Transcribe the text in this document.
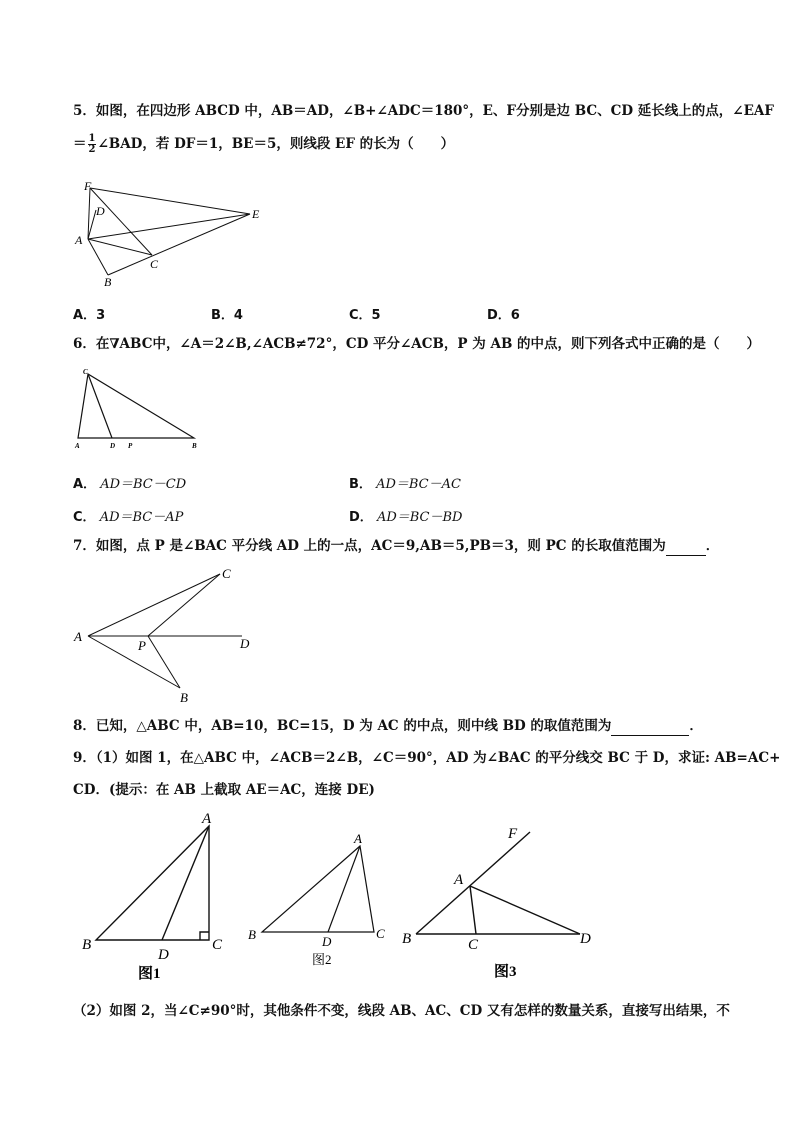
5．如图，在四边形 ABCD 中，AB＝AD，∠B+∠ADC＝180°，E、F分别是边 BC、CD 延长线上的点，∠EAF
＝ $\frac{1}{2}$ ∠BAD，若 DF＝1，BE＝5，则线段 EF 的长为（　　）
F
D
A
E
C
B
A．3	B．4	C．5	D．6
6．在∇ABC中，∠A＝2∠B,∠ACB≠72°，CD 平分∠ACB，P 为 AB 的中点，则下列各式中正确的是（　　）
C
A	D P	B
A． AD＝BC－CD	B． AD＝BC－AC
C． AD＝BC－AP	D． AD＝BC－BD
7．如图，点 P 是∠BAC 平分线 AD 上的一点，AC＝9,AB＝5,PB＝3，则 PC 的长取值范围为	．
C
A
P	D
B
8．已知，△ABC 中，AB=10，BC=15，D 为 AC 的中点，则中线 BD 的取值范围为	．
9．（1）如图 1，在△ABC 中，∠ACB＝2∠B，∠C＝90°，AD 为∠BAC 的平分线交 BC 于 D，求证: AB=AC+
CD．(提示：在 AB 上截取 AE＝AC，连接 DE)
A
B
D
C
图1
A
B	D
C
图2
F
A
B	C	D
图3
（2）如图 2，当∠C≠90°时，其他条件不变，线段 AB、AC、CD 又有怎样的数量关系，直接写出结果，不
